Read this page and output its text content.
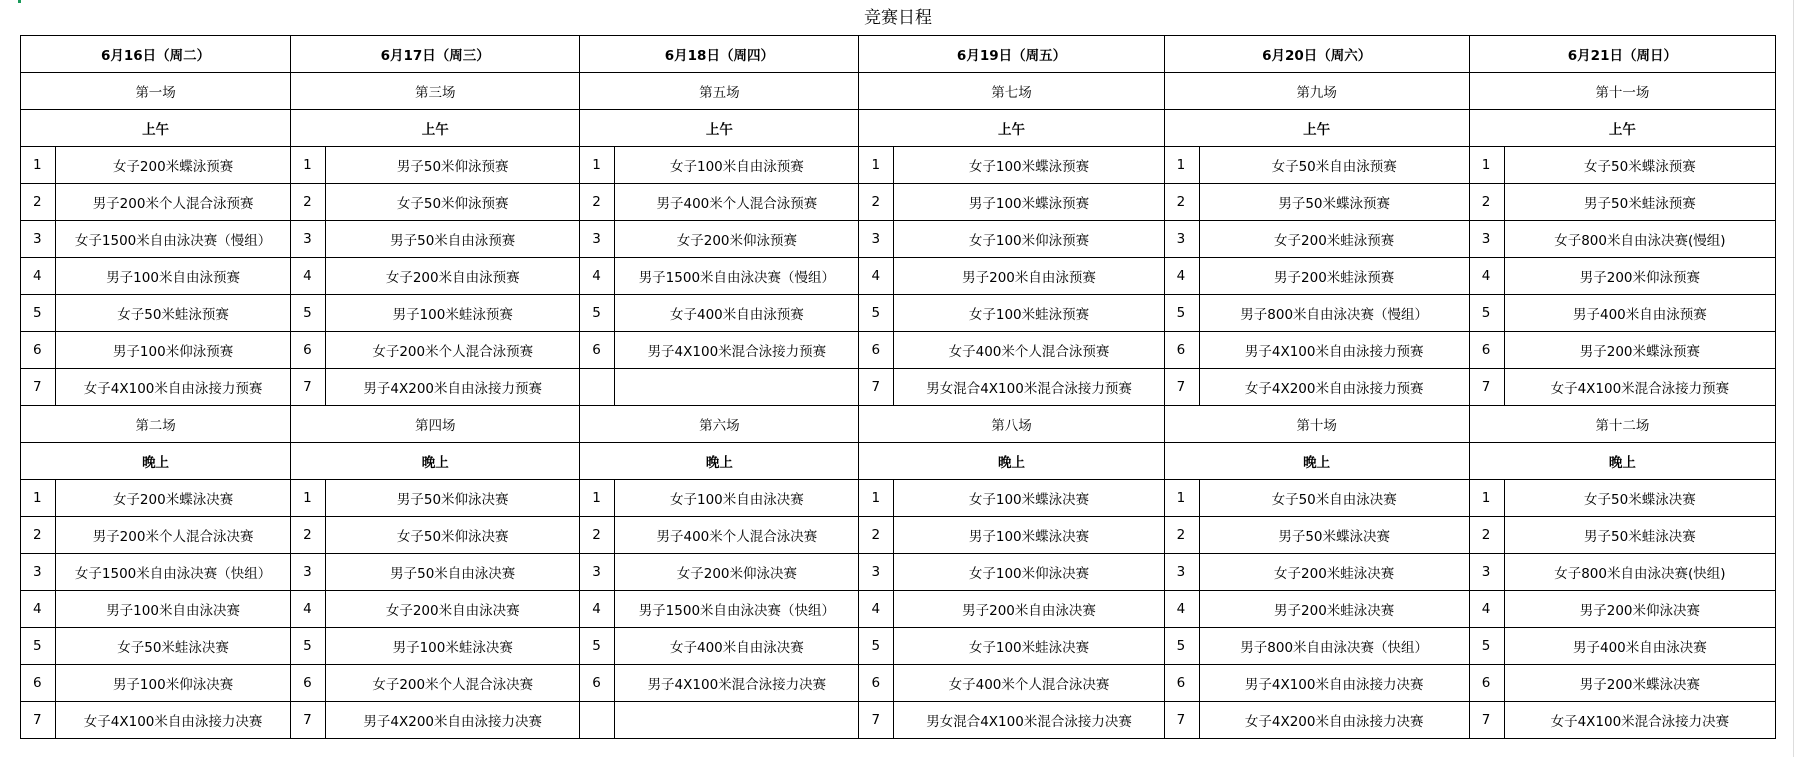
竞赛日程
6月16日（周二）		6月17日（周三）		6月18日（周四）		6月19日（周五）		6月20日（周六）		6月21日（周日）	
第一场		第三场		第五场		第七场		第九场		第十一场	
上午		上午		上午		上午		上午		上午	
1	女子200米蝶泳预赛	1	男子50米仰泳预赛	1	女子100米自由泳预赛	1	女子100米蝶泳预赛	1	女子50米自由泳预赛	1	女子50米蝶泳预赛
2	男子200米个人混合泳预赛	2	女子50米仰泳预赛	2	男子400米个人混合泳预赛	2	男子100米蝶泳预赛	2	男子50米蝶泳预赛	2	男子50米蛙泳预赛
3	女子1500米自由泳决赛（慢组）	3	男子50米自由泳预赛	3	女子200米仰泳预赛	3	女子100米仰泳预赛	3	女子200米蛙泳预赛	3	女子800米自由泳决赛(慢组)
4	男子100米自由泳预赛	4	女子200米自由泳预赛	4	男子1500米自由泳决赛（慢组）	4	男子200米自由泳预赛	4	男子200米蛙泳预赛	4	男子200米仰泳预赛
5	女子50米蛙泳预赛	5	男子100米蛙泳预赛	5	女子400米自由泳预赛	5	女子100米蛙泳预赛	5	男子800米自由泳决赛（慢组）	5	男子400米自由泳预赛
6	男子100米仰泳预赛	6	女子200米个人混合泳预赛	6	男子4X100米混合泳接力预赛	6	女子400米个人混合泳预赛	6	男子4X100米自由泳接力预赛	6	男子200米蝶泳预赛
7	女子4X100米自由泳接力预赛	7	男子4X200米自由泳接力预赛			7	男女混合4X100米混合泳接力预赛	7	女子4X200米自由泳接力预赛	7	女子4X100米混合泳接力预赛
第二场		第四场		第六场		第八场		第十场		第十二场	
晚上		晚上		晚上		晚上		晚上		晚上	
1	女子200米蝶泳决赛	1	男子50米仰泳决赛	1	女子100米自由泳决赛	1	女子100米蝶泳决赛	1	女子50米自由泳决赛	1	女子50米蝶泳决赛
2	男子200米个人混合泳决赛	2	女子50米仰泳决赛	2	男子400米个人混合泳决赛	2	男子100米蝶泳决赛	2	男子50米蝶泳决赛	2	男子50米蛙泳决赛
3	女子1500米自由泳决赛（快组）	3	男子50米自由泳决赛	3	女子200米仰泳决赛	3	女子100米仰泳决赛	3	女子200米蛙泳决赛	3	女子800米自由泳决赛(快组)
4	男子100米自由泳决赛	4	女子200米自由泳决赛	4	男子1500米自由泳决赛（快组）	4	男子200米自由泳决赛	4	男子200米蛙泳决赛	4	男子200米仰泳决赛
5	女子50米蛙泳决赛	5	男子100米蛙泳决赛	5	女子400米自由泳决赛	5	女子100米蛙泳决赛	5	男子800米自由泳决赛（快组）	5	男子400米自由泳决赛
6	男子100米仰泳决赛	6	女子200米个人混合泳决赛	6	男子4X100米混合泳接力决赛	6	女子400米个人混合泳决赛	6	男子4X100米自由泳接力决赛	6	男子200米蝶泳决赛
7	女子4X100米自由泳接力决赛	7	男子4X200米自由泳接力决赛			7	男女混合4X100米混合泳接力决赛	7	女子4X200米自由泳接力决赛	7	女子4X100米混合泳接力决赛
